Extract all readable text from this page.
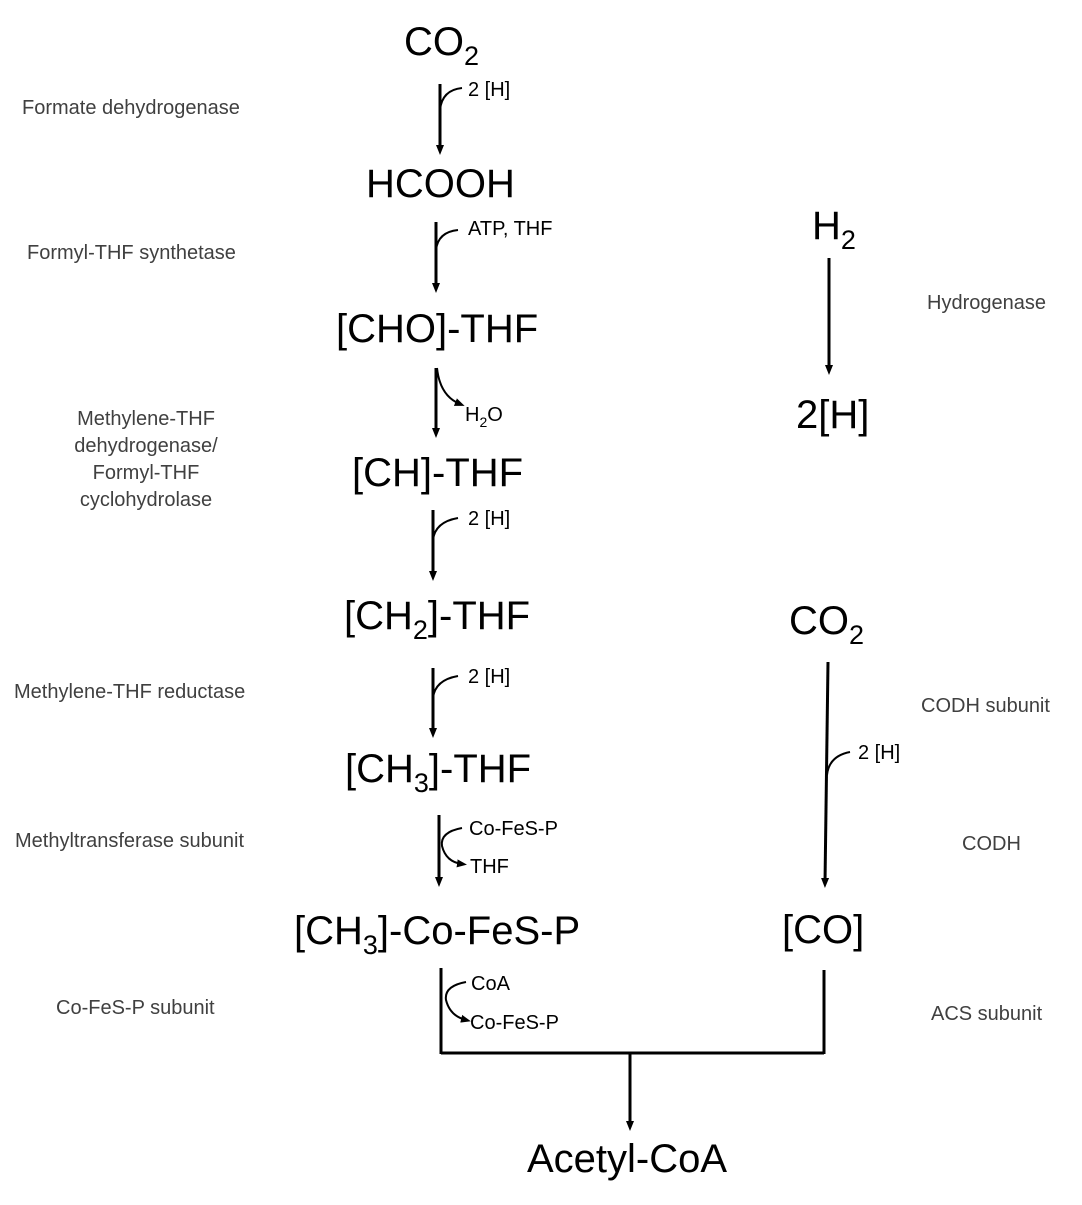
$CO_2$
HCOOH
[CHO]-THF
[CH]-THF
$[CH_2]$-THF
$[CH_3]$-THF
$[CH_3]-Co-FeS-P$
Acetyl-CoA
$H_2$
2[H]
$CO_2$
[CO]
2 [H]
ATP, THF
$H_2O$
2 [H]
2 [H]
Co-FeS-P
THF
CoA
Co-FeS-P
2 [H]
Formate dehydrogenase
Formyl-THF synthetase
Methylene-THF
dehydrogenase/
Formyl-THF
cyclohydrolase
Methylene-THF reductase
Methyltransferase subunit
Co-FeS-P subunit
Hydrogenase
CODH subunit
CODH
ACS subunit
